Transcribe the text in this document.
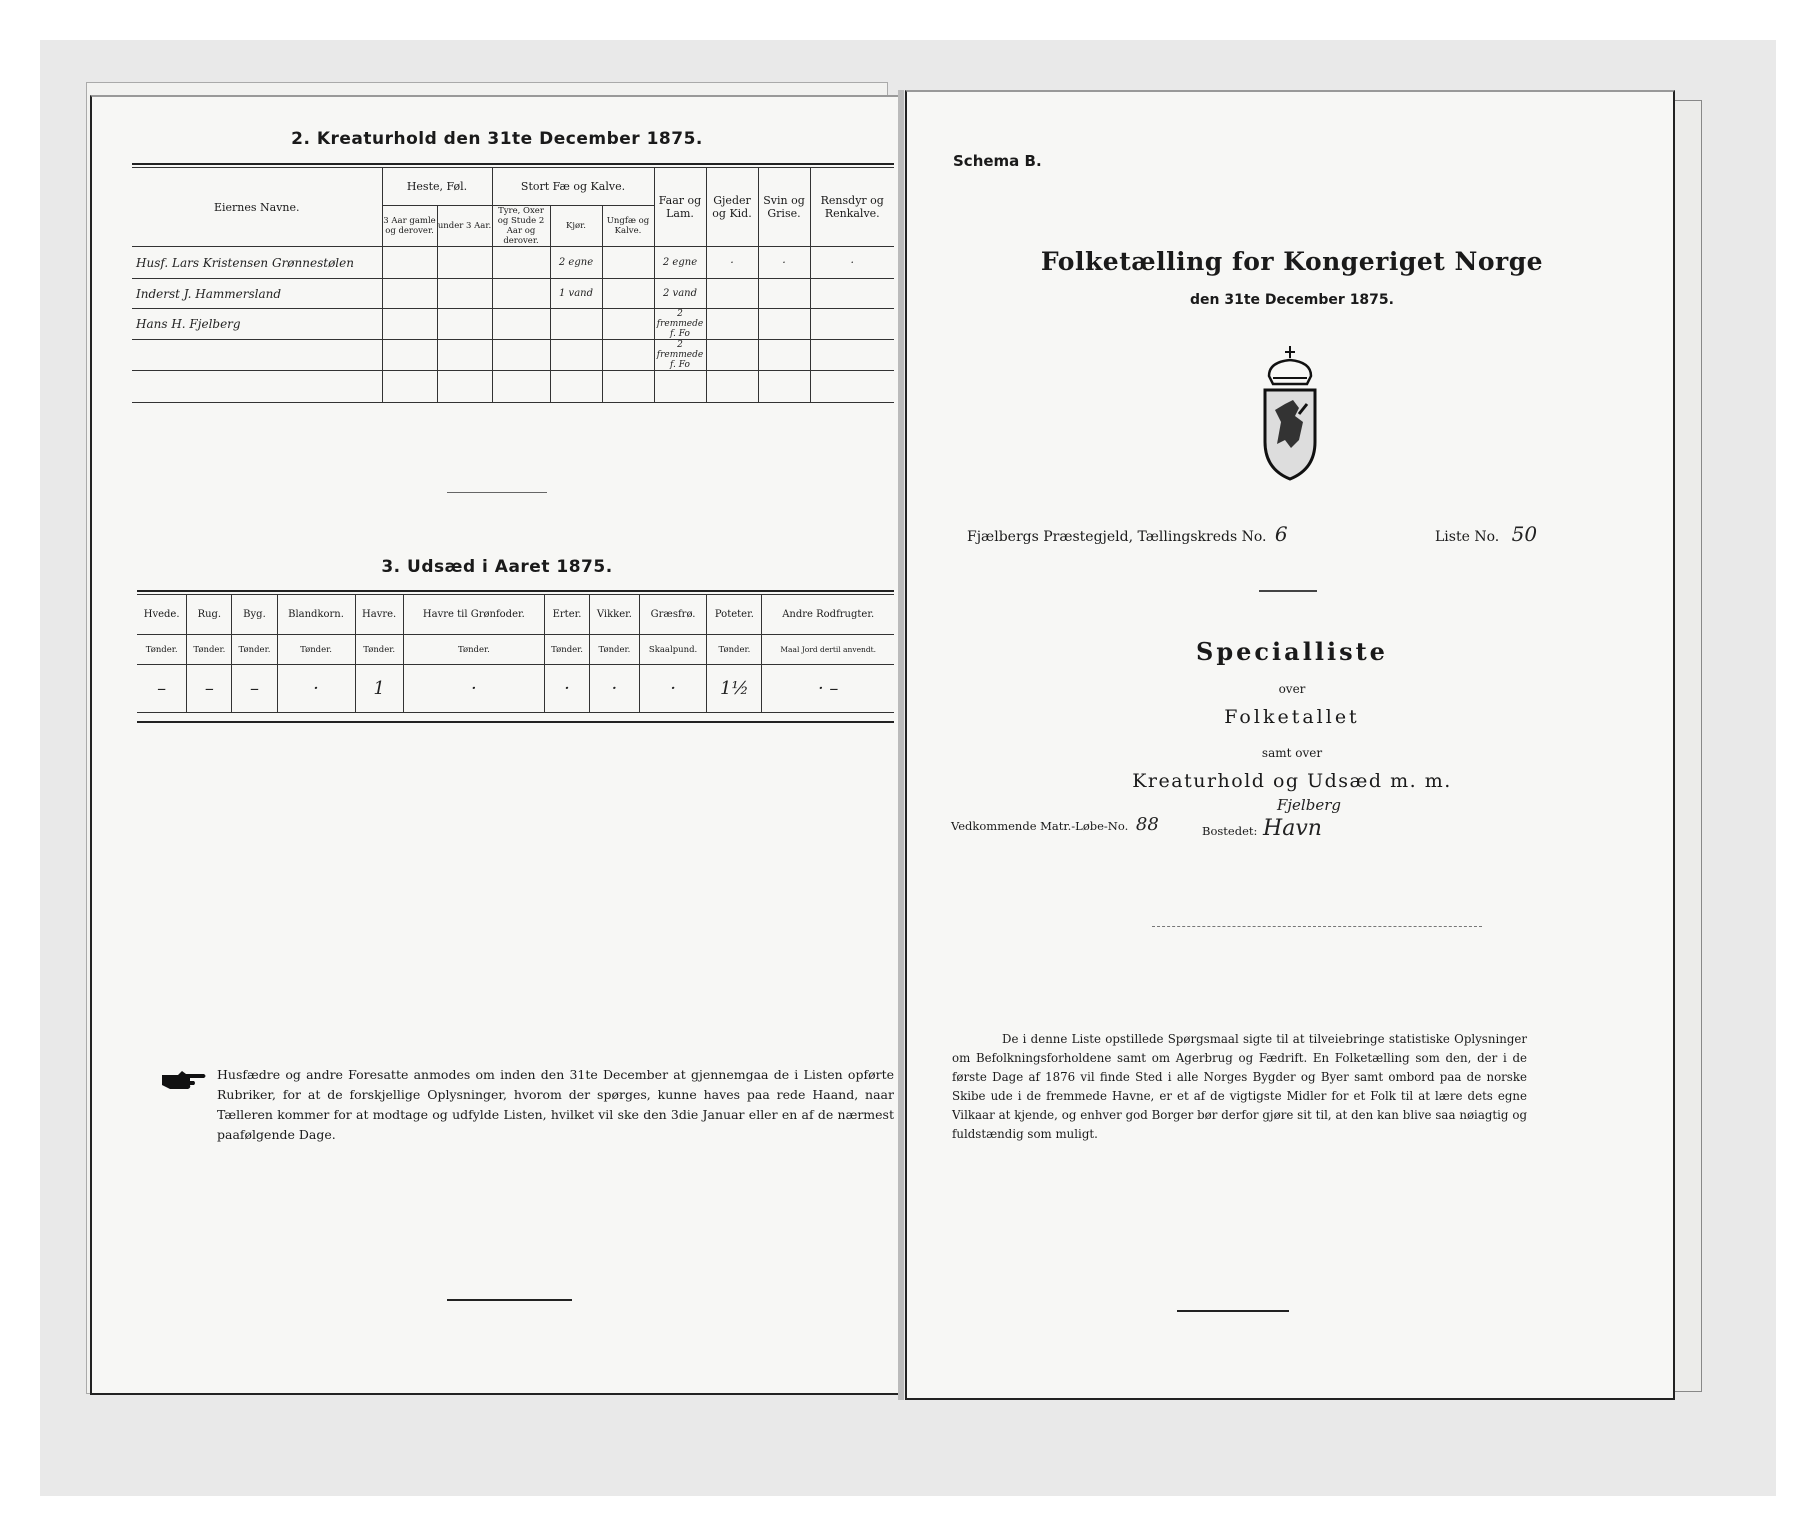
2. Kreaturhold den 31te December 1875.
Eiernes Navne.	Heste, Føl.		Stort Fæ og Kalve.			Faar og Lam.	Gjeder og Kid.	Svin og Grise.	Rensdyr og Renkalve.
	3 Aar gamle og derover.	under 3 Aar.	Tyre, Oxer og Stude 2 Aar og derover.	Kjør.	Ungfæ og Kalve.				
Husf. Lars Kristensen Grønnestølen				2 egne		2 egne	·	·	·
Inderst J. Hammersland				1 vand		2 vand			
Hans H. Fjelberg						2 fremmede f. Fo			
						2 fremmede f. Fo			

3. Udsæd i Aaret 1875.
Hvede.	Rug.	Byg.	Blandkorn.	Havre.	Havre til Grønfoder.	Erter.	Vikker.	Græsfrø.	Poteter.	Andre Rodfrugter.
Tønder.	Tønder.	Tønder.	Tønder.	Tønder.	Tønder.	Tønder.	Tønder.	Skaalpund.	Tønder.	Maal Jord dertil anvendt.
–	–	–	·	1	·	·	·	·	1½	· –
Husfædre og andre Foresatte anmodes om inden den 31te December at gjennemgaa de i Listen opførte Rubriker, for at de forskjellige Oplysninger, hvorom der spørges, kunne haves paa rede Haand, naar Tælleren kommer for at modtage og udfylde Listen, hvilket vil ske den 3die Januar eller en af de nærmest paafølgende Dage.
Schema B.
Folketælling for Kongeriget Norge
den 31te December 1875.
Fjælbergs Præstegjeld, Tællingskreds No. 6	Liste No. 50
Specialliste
over
Folketallet
samt over
Kreaturhold og Udsæd m. m.
Vedkommende Matr.-Løbe-No. 88	Bostedet: Havn
Fjelberg
De i denne Liste opstillede Spørgsmaal sigte til at tilveiebringe statistiske Oplysninger om Befolkningsforholdene samt om Agerbrug og Fædrift. En Folketælling som den, der i de første Dage af 1876 vil finde Sted i alle Norges Bygder og Byer samt ombord paa de norske Skibe ude i de fremmede Havne, er et af de vigtigste Midler for et Folk til at lære dets egne Vilkaar at kjende, og enhver god Borger bør derfor gjøre sit til, at den kan blive saa nøiagtig og fuldstændig som muligt.
